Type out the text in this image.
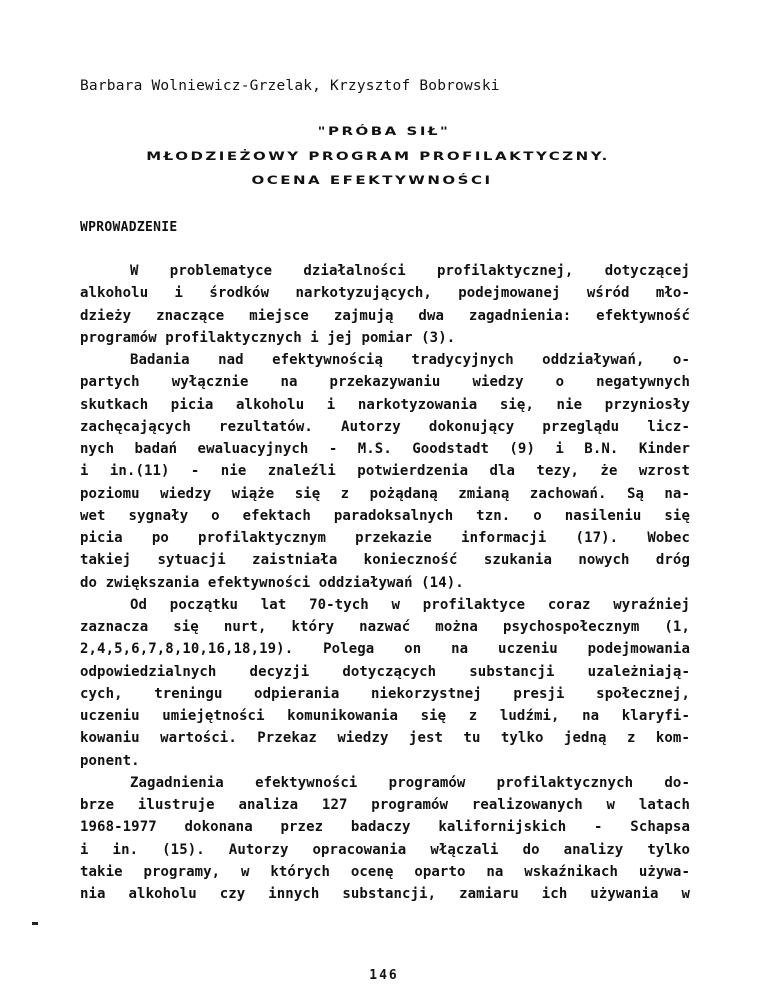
Barbara Wolniewicz-Grzelak, Krzysztof Bobrowski
"PRÓBA SIŁ"
MŁODZIEŻOWY PROGRAM PROFILAKTYCZNY.
OCENA EFEKTYWNOŚCI
WPROWADZENIE
W problematyce działalności profilaktycznej, dotyczącej
alkoholu i środków narkotyzujących, podejmowanej wśród mło-
dzieży znaczące miejsce zajmują dwa zagadnienia: efektywność
programów profilaktycznych i jej pomiar (3).
Badania nad efektywnością tradycyjnych oddziaływań, o-
partych wyłącznie na przekazywaniu wiedzy o negatywnych
skutkach picia alkoholu i narkotyzowania się, nie przyniosły
zachęcających rezultatów. Autorzy dokonujący przeglądu licz-
nych badań ewaluacyjnych - M.S. Goodstadt (9) i B.N. Kinder
i in.(11) - nie znaleźli potwierdzenia dla tezy, że wzrost
poziomu wiedzy wiąże się z pożądaną zmianą zachowań. Są na-
wet sygnały o efektach paradoksalnych tzn. o nasileniu się
picia po profilaktycznym przekazie informacji (17). Wobec
takiej sytuacji zaistniała konieczność szukania nowych dróg
do zwiększania efektywności oddziaływań (14).
Od początku lat 70-tych w profilaktyce coraz wyraźniej
zaznacza się nurt, który nazwać można psychospołecznym (1,
2,4,5,6,7,8,10,16,18,19). Polega on na uczeniu podejmowania
odpowiedzialnych decyzji dotyczących substancji uzależniają-
cych, treningu odpierania niekorzystnej presji społecznej,
uczeniu umiejętności komunikowania się z ludźmi, na klaryfi-
kowaniu wartości. Przekaz wiedzy jest tu tylko jedną z kom-
ponent.
Zagadnienia efektywności programów profilaktycznych do-
brze ilustruje analiza 127 programów realizowanych w latach
1968-1977 dokonana przez badaczy kalifornijskich - Schapsa
i in. (15). Autorzy opracowania włączali do analizy tylko
takie programy, w których ocenę oparto na wskaźnikach używa-
nia alkoholu czy innych substancji, zamiaru ich używania w
146
